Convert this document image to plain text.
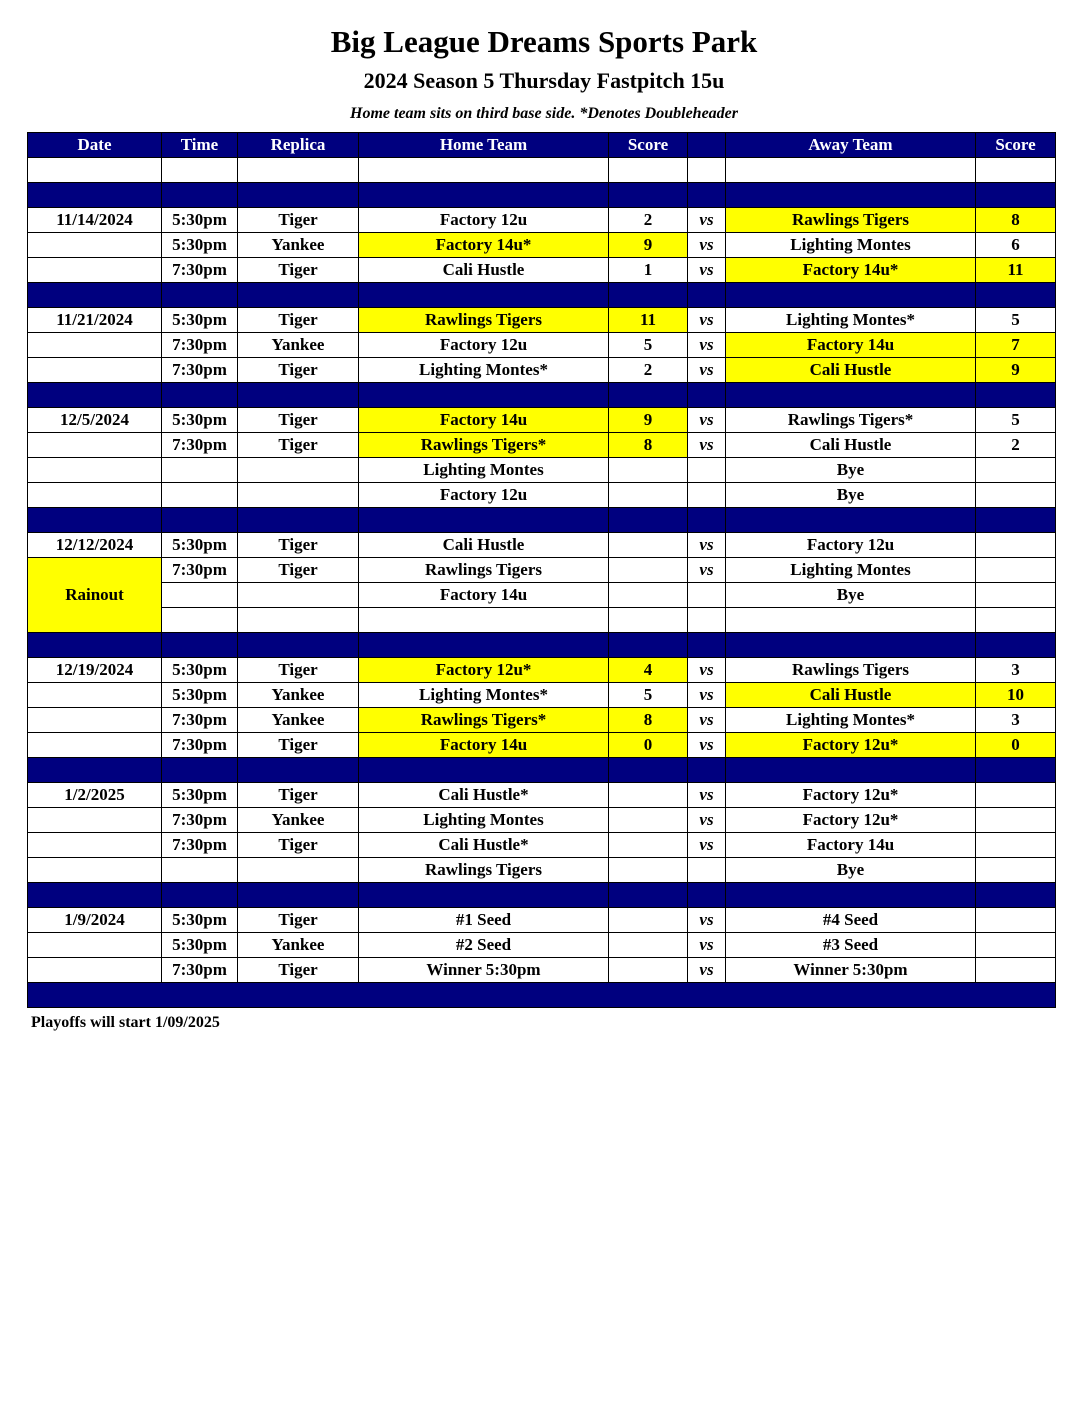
Big League Dreams Sports Park
2024 Season 5 Thursday Fastpitch 15u
Home team sits on third base side. *Denotes Doubleheader
Date	Time	Replica	Home Team	Score		Away Team	Score

11/14/2024	5:30pm	Tiger	Factory 12u	2	vs	Rawlings Tigers	8
	5:30pm	Yankee	Factory 14u*	9	vs	Lighting Montes	6
	7:30pm	Tiger	Cali Hustle	1	vs	Factory 14u*	11

11/21/2024	5:30pm	Tiger	Rawlings Tigers	11	vs	Lighting Montes*	5
	7:30pm	Yankee	Factory 12u	5	vs	Factory 14u	7
	7:30pm	Tiger	Lighting Montes*	2	vs	Cali Hustle	9

12/5/2024	5:30pm	Tiger	Factory 14u	9	vs	Rawlings Tigers*	5
	7:30pm	Tiger	Rawlings Tigers*	8	vs	Cali Hustle	2
			Lighting Montes			Bye	
			Factory 12u			Bye	

12/12/2024	5:30pm	Tiger	Cali Hustle		vs	Factory 12u	
Rainout	7:30pm	Tiger	Rawlings Tigers		vs	Lighting Montes	
			Factory 14u			Bye	

12/19/2024	5:30pm	Tiger	Factory 12u*	4	vs	Rawlings Tigers	3
	5:30pm	Yankee	Lighting Montes*	5	vs	Cali Hustle	10
	7:30pm	Yankee	Rawlings Tigers*	8	vs	Lighting Montes*	3
	7:30pm	Tiger	Factory 14u	0	vs	Factory 12u*	0

1/2/2025	5:30pm	Tiger	Cali Hustle*		vs	Factory 12u*	
	7:30pm	Yankee	Lighting Montes		vs	Factory 12u*	
	7:30pm	Tiger	Cali Hustle*		vs	Factory 14u	
			Rawlings Tigers			Bye	

1/9/2024	5:30pm	Tiger	#1 Seed		vs	#4 Seed	
	5:30pm	Yankee	#2 Seed		vs	#3 Seed	
	7:30pm	Tiger	Winner 5:30pm		vs	Winner 5:30pm	

Playoffs will start 1/09/2025
